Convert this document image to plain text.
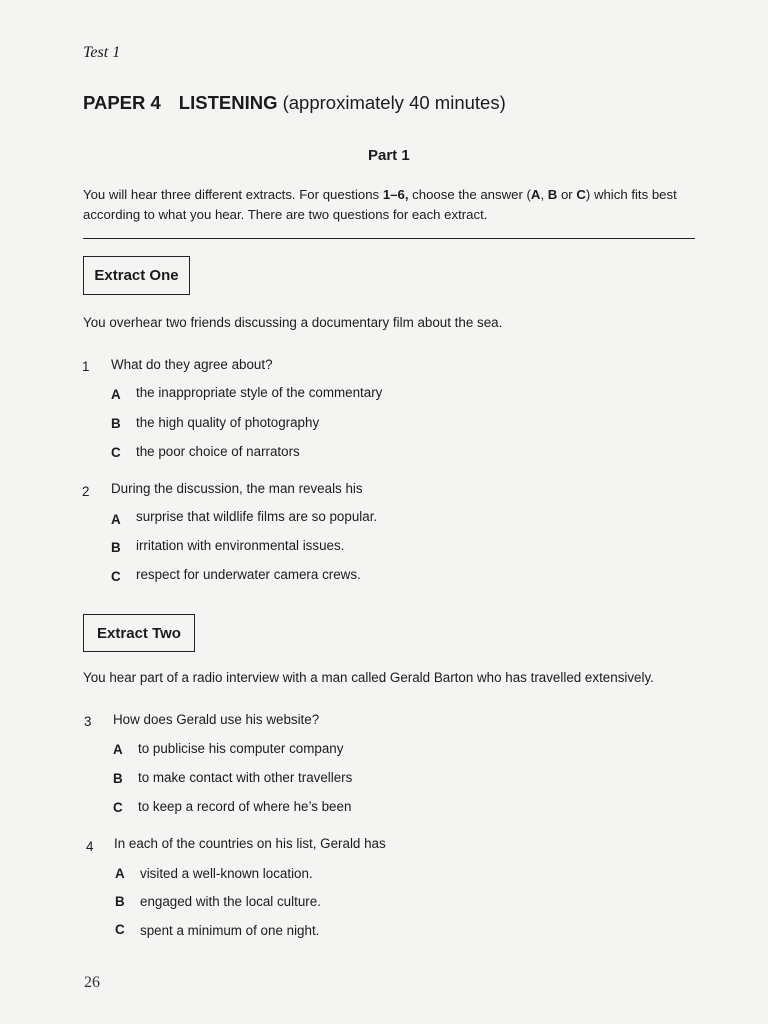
Test 1
PAPER 4 LISTENING (approximately 40 minutes)
Part 1
You will hear three different extracts. For questions 1–6, choose the answer (A, B or C) which fits best according to what you hear. There are two questions for each extract.
Extract One
You overhear two friends discussing a documentary film about the sea.
1 What do they agree about?
A the inappropriate style of the commentary
B the high quality of photography
C the poor choice of narrators
2 During the discussion, the man reveals his
A surprise that wildlife films are so popular.
B irritation with environmental issues.
C respect for underwater camera crews.
Extract Two
You hear part of a radio interview with a man called Gerald Barton who has travelled extensively.
3 How does Gerald use his website?
A to publicise his computer company
B to make contact with other travellers
C to keep a record of where he’s been
4 In each of the countries on his list, Gerald has
A visited a well-known location.
B engaged with the local culture.
C spent a minimum of one night.
26
